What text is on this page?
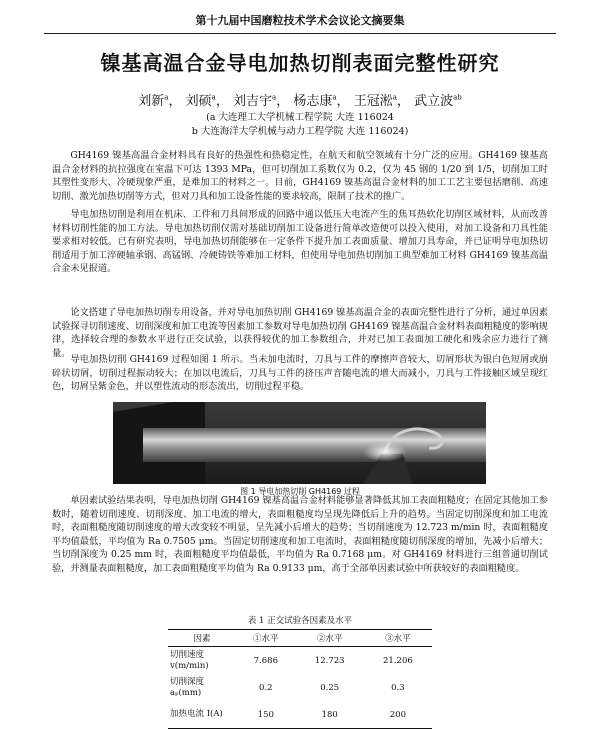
第十九届中国磨粒技术学术会议论文摘要集
镍基高温合金导电加热切削表面完整性研究
刘新$^a$， 刘硕$^a$， 刘吉宇$^a$， 杨志康$^a$， 王冠淞$^a$， 武立波$^{ab}$
(a 大连理工大学机械工程学院 大连 116024
b 大连海洋大学机械与动力工程学院 大连 116024)

GH4169 镍基高温合金材料具有良好的热强性和热稳定性，在航天和航空领域有十分广泛的应用。GH4169 镍基高温合金材料的抗拉强度在室温下可达 1393 MPa，但可切削加工系数仅为 0.2，仅为 45 钢的 1/20 到 1/5，切削加工时其塑性变形大、冷硬现象严重，是难加工的材料之一。目前，GH4169 镍基高温合金材料的加工工艺主要包括磨削、高速切削、激光加热切削等方式，但对刀具和加工设备性能的要求较高，限制了技术的推广。

导电加热切削是利用在机床、工件和刀具间形成的回路中通以低压大电流产生的焦耳热软化切削区域材料，从而改善材料切削性能的加工方法。导电加热切削仅需对基础切削加工设备进行简单改造便可以投入使用，对加工设备和刀具性能要求相对较低。已有研究表明，导电加热切削能够在一定条件下提升加工表面质量、增加刀具寿命，并已证明导电加热切削适用于加工淬硬轴承钢、高锰钢、冷硬铸铁等难加工材料，但使用导电加热切削加工典型难加工材料 GH4169 镍基高温合金未见报道。

论文搭建了导电加热切削专用设备，并对导电加热切削 GH4169 镍基高温合金的表面完整性进行了分析，通过单因素试验探寻切削速度、切削深度和加工电流等因素加工参数对导电加热切削 GH4169 镍基高温合金材料表面粗糙度的影响规律，选择较合理的参数水平进行正交试验，以获得较优的加工参数组合，并对已加工表面加工硬化和残余应力进行了测量。

导电加热切削 GH4169 过程如图 1 所示。当未加电流时，刀具与工件的摩擦声音较大，切屑形状为银白色短屑或崩碎状切屑，切削过程振动较大；在加以电流后，刀具与工件的挤压声音随电流的增大而减小，刀具与工件接触区域呈现红色，切屑呈紫金色，并以塑性流动的形态流出，切削过程平稳。

图 1 导电加热切削 GH4169 过程

单因素试验结果表明，导电加热切削 GH4169 镍基高温合金材料能够显著降低其加工表面粗糙度；在固定其他加工参数时，随着切削速度、切削深度、加工电流的增大，表面粗糙度均呈现先降低后上升的趋势。当固定切削深度和加工电流时，表面粗糙度随切削速度的增大改变较不明显，呈先减小后增大的趋势；当切削速度为 12.723 m/min 时，表面粗糙度平均值最低，平均值为 Ra 0.7505 μm。当固定切削速度和加工电流时，表面粗糙度随切削深度的增加，先减小后增大；当切削深度为 0.25 mm 时，表面粗糙度平均值最低，平均值为 Ra 0.7168 μm。对 GH4169 材料进行三组普通切削试验，并测量表面粗糙度，加工表面粗糙度平均值为 Ra 0.9133 μm，高于全部单因素试验中所获较好的表面粗糙度。

表 1 正交试验各因素及水平
因素	①水平	②水平	③水平

切削速度
v(m/min)	7.686	12.723	21.206

切削深度
aₚ(mm)	0.2	0.25	0.3

加热电流 I(A)	150	180	200
